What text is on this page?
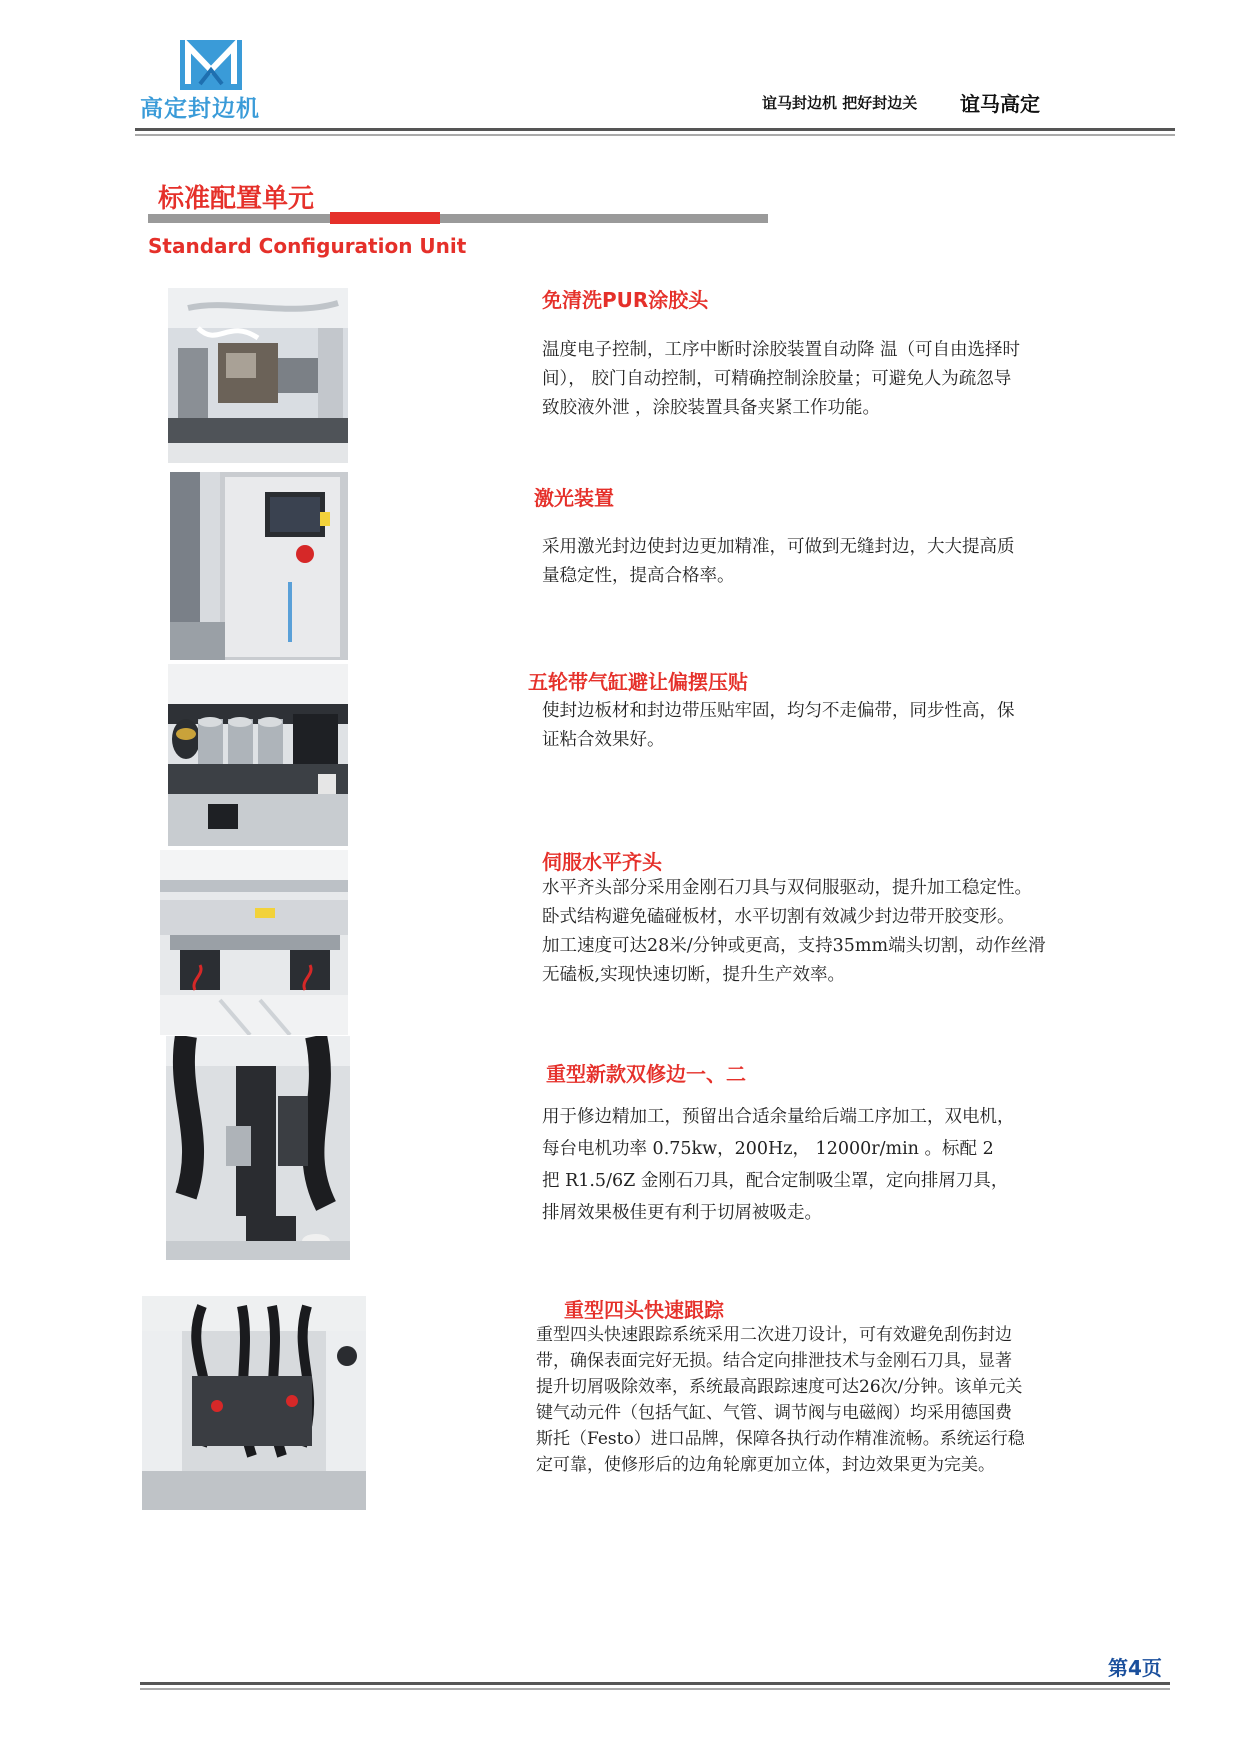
高定封边机	谊马封边机 把好封边关 谊马高定
标准配置单元
Standard Configuration Unit
免清洗PUR涂胶头
温度电子控制，工序中断时涂胶装置自动降 温（可自由选择时
间）， 胶门自动控制，可精确控制涂胶量；可避免人为疏忽导
致胶液外泄 ，涂胶装置具备夹紧工作功能。
激光装置
采用激光封边使封边更加精准，可做到无缝封边，大大提高质
量稳定性，提高合格率。
五轮带气缸避让偏摆压贴
使封边板材和封边带压贴牢固，均匀不走偏带，同步性高，保
证粘合效果好。
伺服水平齐头
水平齐头部分采用金刚石刀具与双伺服驱动，提升加工稳定性。
卧式结构避免磕碰板材，水平切割有效减少封边带开胶变形。
加工速度可达28米/分钟或更高，支持35mm端头切割，动作丝滑
无磕板,实现快速切断，提升生产效率。
重型新款双修边一、二
用于修边精加工，预留出合适余量给后端工序加工，双电机，
每台电机功率 0.75kw，200Hz， 12000r/min 。标配 2
把 R1.5/6Z 金刚石刀具，配合定制吸尘罩，定向排屑刀具，
排屑效果极佳更有利于切屑被吸走。
重型四头快速跟踪
重型四头快速跟踪系统采用二次进刀设计，可有效避免刮伤封边
带，确保表面完好无损。结合定向排泄技术与金刚石刀具，显著
提升切屑吸除效率，系统最高跟踪速度可达26次/分钟。该单元关
键气动元件（包括气缸、气管、调节阀与电磁阀）均采用德国费
斯托（Festo）进口品牌，保障各执行动作精准流畅。系统运行稳
定可靠，使修形后的边角轮廓更加立体，封边效果更为完美。
第4页
